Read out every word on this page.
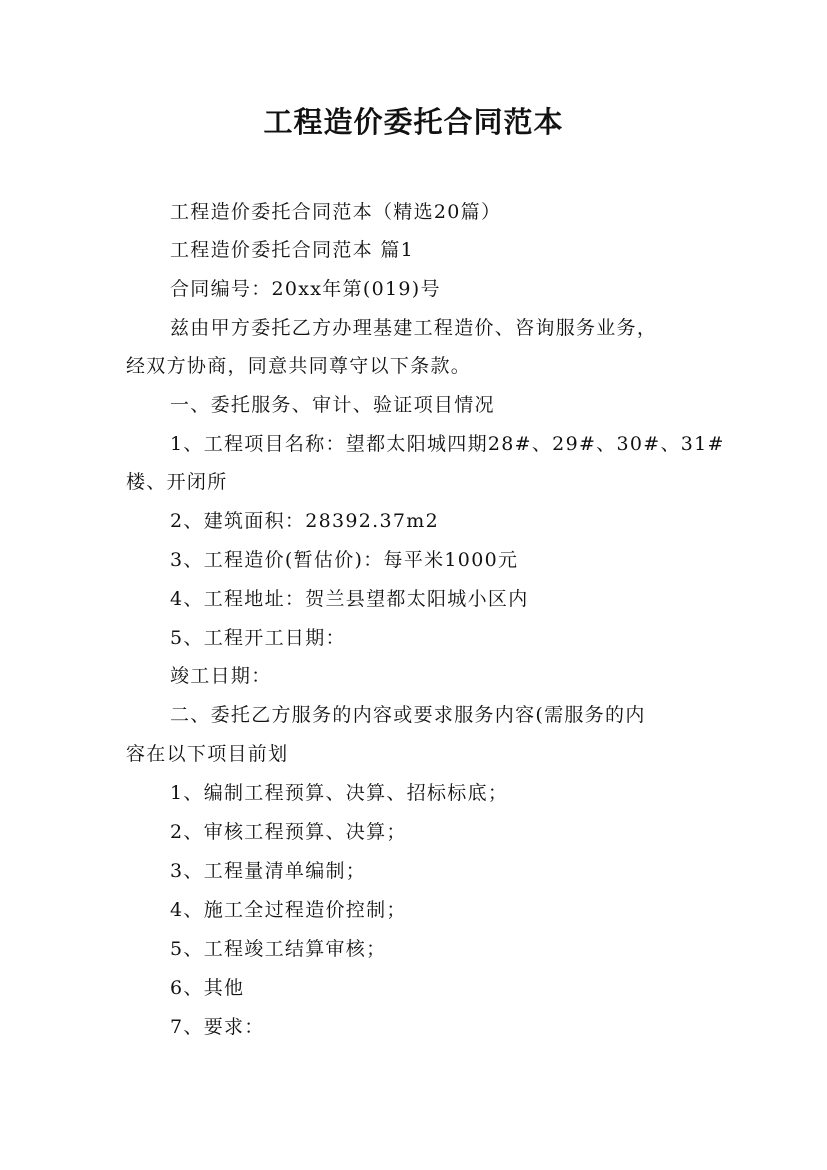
工程造价委托合同范本
工程造价委托合同范本（精选20篇）
工程造价委托合同范本 篇1
合同编号：20xx年第(019)号
兹由甲方委托乙方办理基建工程造价、咨询服务业务，
经双方协商，同意共同尊守以下条款。
一、委托服务、审计、验证项目情况
1、工程项目名称：望都太阳城四期28#、29#、30#、31#
楼、开闭所
2、建筑面积：28392.37m2
3、工程造价(暂估价)：每平米1000元
4、工程地址：贺兰县望都太阳城小区内
5、工程开工日期：
竣工日期：
二、委托乙方服务的内容或要求服务内容(需服务的内
容在以下项目前划
1、编制工程预算、决算、招标标底；
2、审核工程预算、决算；
3、工程量清单编制；
4、施工全过程造价控制；
5、工程竣工结算审核；
6、其他
7、要求：
